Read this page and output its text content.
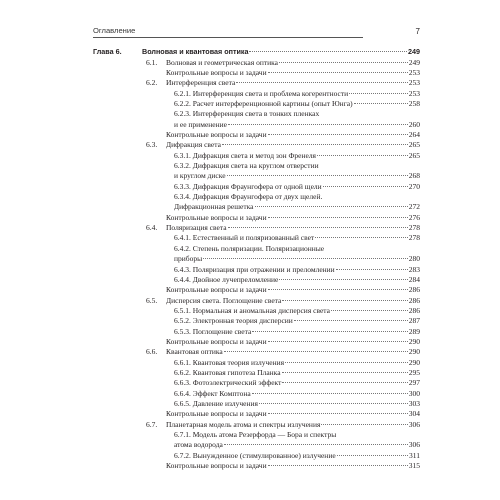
Оглавление	7
Глава 6.	Волновая и квантовая оптика	249
6.1. Волновая и геометрическая оптика	249
Контрольные вопросы и задачи	253
6.2. Интерференция света	253
6.2.1. Интерференция света и проблема когерентности	253
6.2.2. Расчет интерференционной картины (опыт Юнга)	258
6.2.3. Интерференция света в тонких пленках
и ее применение	260
Контрольные вопросы и задачи	264
6.3. Дифракция света	265
6.3.1. Дифракция света и метод зон Френеля	265
6.3.2. Дифракция света на круглом отверстии
и круглом диске	268
6.3.3. Дифракция Фраунгофера от одной щели	270
6.3.4. Дифракция Фраунгофера от двух щелей.
Дифракционная решетка	272
Контрольные вопросы и задачи	276
6.4. Поляризация света	278
6.4.1. Естественный и поляризованный свет	278
6.4.2. Степень поляризации. Поляризационные
приборы	280
6.4.3. Поляризация при отражении и преломлении	283
6.4.4. Двойное лучепреломление	284
Контрольные вопросы и задачи	286
6.5. Дисперсия света. Поглощение света	286
6.5.1. Нормальная и аномальная дисперсия света	286
6.5.2. Электронная теория дисперсии	287
6.5.3. Поглощение света	289
Контрольные вопросы и задачи	290
6.6. Квантовая оптика	290
6.6.1. Квантовая теория излучения	290
6.6.2. Квантовая гипотеза Планка	295
6.6.3. Фотоэлектрический эффект	297
6.6.4. Эффект Комптона	300
6.6.5. Давление излучения	303
Контрольные вопросы и задачи	304
6.7. Планетарная модель атома и спектры излучения	306
6.7.1. Модель атома Резерфорда — Бора и спектры
атома водорода	306
6.7.2. Вынужденное (стимулированное) излучение	311
Контрольные вопросы и задачи	315
